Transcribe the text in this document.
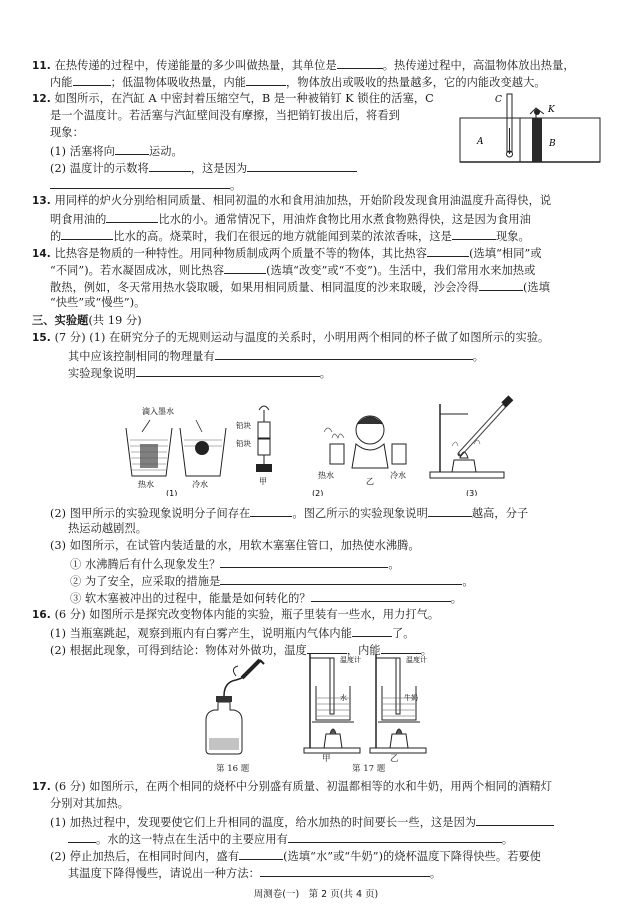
11. 在热传递的过程中，传递能量的多少叫做热量，其单位是	。热传递过程中，高温物体放出热量，
内能	；低温物体吸收热量，内能	，物体放出或吸收的热量越多，它的内能改变越大。
12. 如图所示，在汽缸 A 中密封着压缩空气，B 是一种被销钉 K 锁住的活塞，C
是一个温度计。若活塞与汽缸壁间没有摩擦，当把销钉拔出后，将看到
现象：
(1) 活塞将向	运动。
(2) 温度计的示数将	，这是因为
。
C
K
A	B
13. 用同样的炉火分别给相同质量、相同初温的水和食用油加热，开始阶段发现食用油温度升高得快，说
明食用油的	比水的小。通常情况下，用油炸食物比用水煮食物熟得快，这是因为食用油
的	比水的高。烧菜时，我们在很远的地方就能闻到菜的浓浓香味，这是	现象。
14. 比热容是物质的一种特性。用同种物质制成两个质量不等的物体，其比热容	(选填“相同”或
“不同”)。若水凝固成冰，则比热容	(选填“改变”或“不变”)。生活中，我们常用水来加热或
散热，例如，冬天常用热水袋取暖，如果用相同质量、相同温度的沙来取暖，沙会冷得	(选填
“快些”或“慢些”)。
三、实验题(共 19 分)
15. (7 分) (1) 在研究分子的无规则运动与温度的关系时，小明用两个相同的杯子做了如图所示的实验。
其中应该控制相同的物理量有	。
实验现象说明	。
滴入墨水
热水	冷水
铅块
铅块
甲
热水	冷水
乙
(1)	(2)	(3)
(2) 图甲所示的实验现象说明分子间存在	。图乙所示的实验现象说明	越高，分子
热运动越剧烈。
(3) 如图所示，在试管内装适量的水，用软木塞塞住管口，加热使水沸腾。
① 水沸腾后有什么现象发生？	。
② 为了安全，应采取的措施是	。
③ 软木塞被冲出的过程中，能量是如何转化的？	。
16. (6 分) 如图所示是探究改变物体内能的实验，瓶子里装有一些水，用力打气。
(1) 当瓶塞跳起，观察到瓶内有白雾产生，说明瓶内气体内能	了。
(2) 根据此现象，可得到结论：物体对外做功，温度	，内能	。
第 16 题
温度计
水
温度计
牛奶
甲	乙
第 17 题
17. (6 分) 如图所示，在两个相同的烧杯中分别盛有质量、初温都相等的水和牛奶，用两个相同的酒精灯
分别对其加热。
(1) 加热过程中，发现要使它们上升相同的温度，给水加热的时间要长一些，这是因为
。水的这一特点在生活中的主要应用有	。
(2) 停止加热后，在相同时间内，盛有	(选填“水”或“牛奶”)的烧杯温度下降得快些。若要使
其温度下降得慢些，请说出一种方法：	。
周测卷(一)　第 2 页(共 4 页)
